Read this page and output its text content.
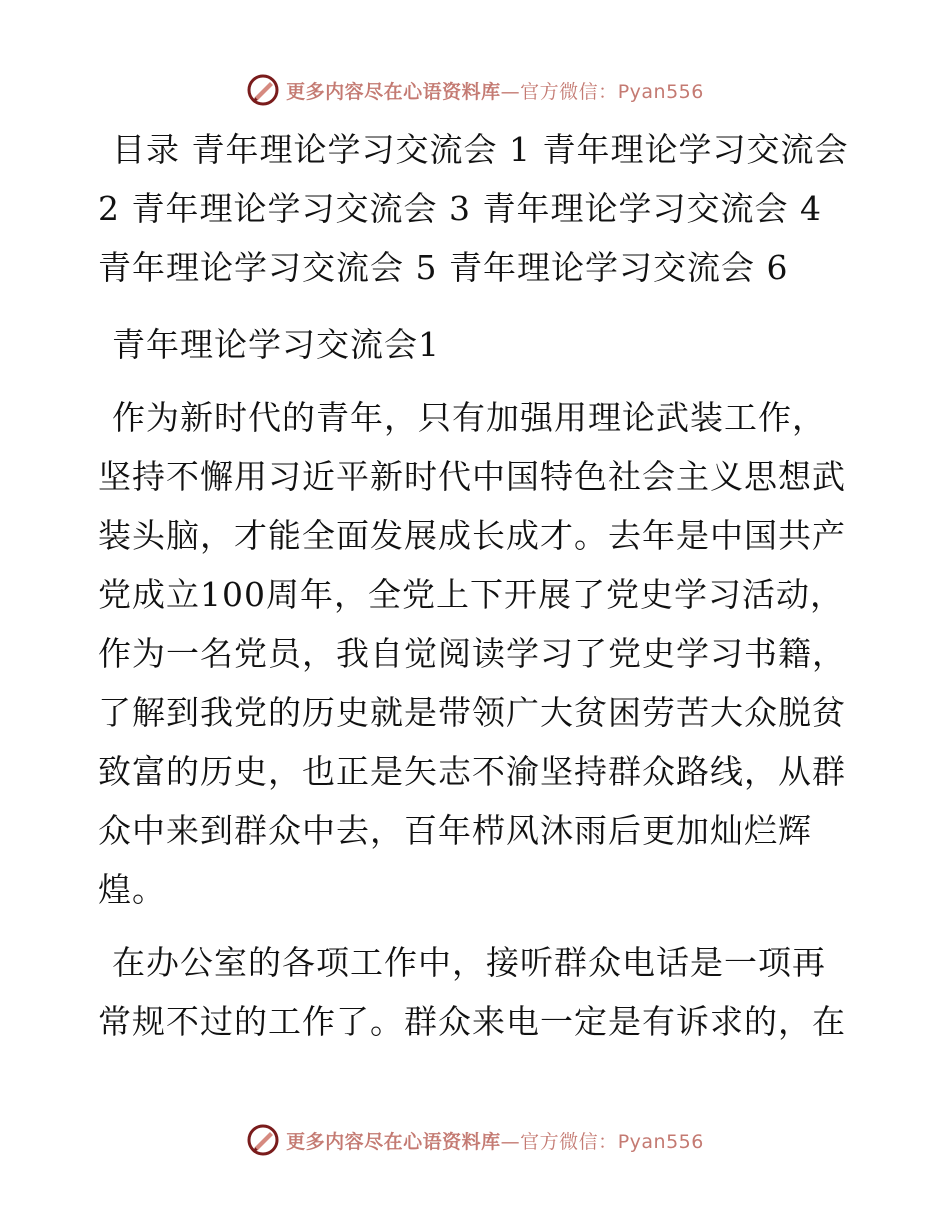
更多内容尽在心语资料库—官方微信：Pyan556

目录 青年理论学习交流会 1 青年理论学习交流会 2 青年理论学习交流会 3 青年理论学习交流会 4 青年理论学习交流会 5 青年理论学习交流会 6

青年理论学习交流会1

作为新时代的青年，只有加强用理论武装工作，坚持不懈用习近平新时代中国特色社会主义思想武装头脑，才能全面发展成长成才。去年是中国共产党成立100周年，全党上下开展了党史学习活动，作为一名党员，我自觉阅读学习了党史学习书籍，了解到我党的历史就是带领广大贫困劳苦大众脱贫致富的历史，也正是矢志不渝坚持群众路线，从群众中来到群众中去，百年栉风沐雨后更加灿烂辉煌。

在办公室的各项工作中，接听群众电话是一项再常规不过的工作了。群众来电一定是有诉求的，在

更多内容尽在心语资料库—官方微信：Pyan556
